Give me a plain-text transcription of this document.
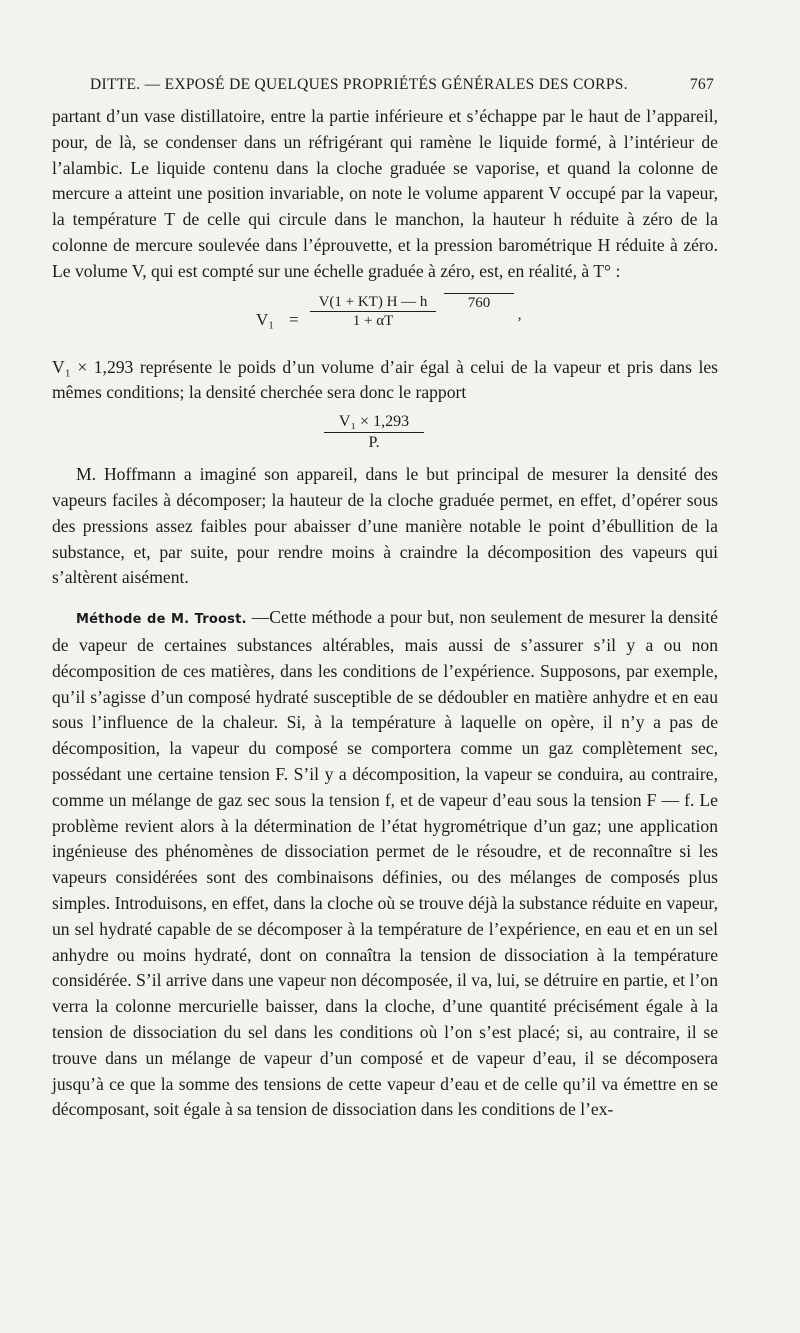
DITTE. — EXPOSÉ DE QUELQUES PROPRIÉTÉS GÉNÉRALES DES CORPS.	767

partant d’un vase distillatoire, entre la partie inférieure et s’échappe par le haut de l’appareil, pour, de là, se condenser dans un réfrigérant qui ramène le liquide formé, à l’intérieur de l’alambic. Le liquide contenu dans la cloche graduée se vaporise, et quand la colonne de mercure a atteint une position invariable, on note le volume apparent V occupé par la vapeur, la température T de celle qui circule dans le manchon, la hauteur h réduite à zéro de la colonne de mercure soulevée dans l’éprouvette, et la pression barométrique H réduite à zéro. Le volume V, qui est compté sur une échelle graduée à zéro, est, en réalité, à T° :

$V_1 = \frac{V(1 + KT) H — h}{1 + \alpha T}$	760
’

V₁ × 1,293 représente le poids d’un volume d’air égal à celui de la vapeur et pris dans les mêmes conditions; la densité cherchée sera donc le rapport

$\frac{\text{V₁ × 1,293}}{P.}$

M. Hoffmann a imaginé son appareil, dans le but principal de mesurer la densité des vapeurs faciles à décomposer; la hauteur de la cloche graduée permet, en effet, d’opérer sous des pressions assez faibles pour abaisser d’une manière notable le point d’ébullition de la substance, et, par suite, pour rendre moins à craindre la décomposition des vapeurs qui s’altèrent aisément.

Méthode de M. Troost. —Cette méthode a pour but, non seulement de mesurer la densité de vapeur de certaines substances altérables, mais aussi de s’assurer s’il y a ou non décomposition de ces matières, dans les conditions de l’expérience. Supposons, par exemple, qu’il s’agisse d’un composé hydraté susceptible de se dédoubler en matière anhydre et en eau sous l’influence de la chaleur. Si, à la température à laquelle on opère, il n’y a pas de décomposition, la vapeur du composé se comportera comme un gaz complètement sec, possédant une certaine tension F. S’il y a décomposition, la vapeur se conduira, au contraire, comme un mélange de gaz sec sous la tension f, et de vapeur d’eau sous la tension F — f. Le problème revient alors à la détermination de l’état hygrométrique d’un gaz; une application ingénieuse des phénomènes de dissociation permet de le résoudre, et de reconnaître si les vapeurs considérées sont des combinaisons définies, ou des mélanges de composés plus simples. Introduisons, en effet, dans la cloche où se trouve déjà la substance réduite en vapeur, un sel hydraté capable de se décomposer à la température de l’expérience, en eau et en un sel anhydre ou moins hydraté, dont on connaîtra la tension de dissociation à la température considérée. S’il arrive dans une vapeur non décomposée, il va, lui, se détruire en partie, et l’on verra la colonne mercurielle baisser, dans la cloche, d’une quantité précisément égale à la tension de dissociation du sel dans les conditions où l’on s’est placé; si, au contraire, il se trouve dans un mélange de vapeur d’un composé et de vapeur d’eau, il se décomposera jusqu’à ce que la somme des tensions de cette vapeur d’eau et de celle qu’il va émettre en se décomposant, soit égale à sa tension de dissociation dans les conditions de l’ex-
